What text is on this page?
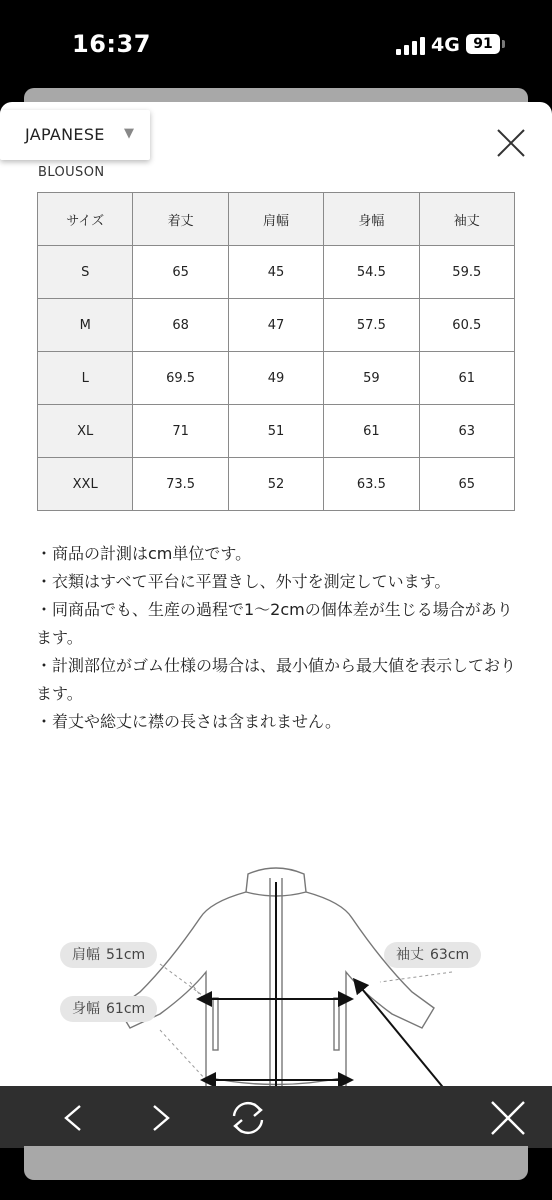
16:37	4G 91
JAPANESE ▼
BLOUSON
サイズ	着丈	肩幅	身幅	袖丈
S	65	45	54.5	59.5
M	68	47	57.5	60.5
L	69.5	49	59	61
XL	71	51	61	63
XXL	73.5	52	63.5	65

・商品の計測はcm単位です。

・衣類はすべて平台に平置きし、外寸を測定しています。

・同商品でも、生産の過程で1〜2cmの個体差が生じる場合があります。

・計測部位がゴム仕様の場合は、最小値から最大値を表示しております。

・着丈や総丈に襟の長さは含まれません。

肩幅 51cm
身幅 61cm
袖丈 63cm
